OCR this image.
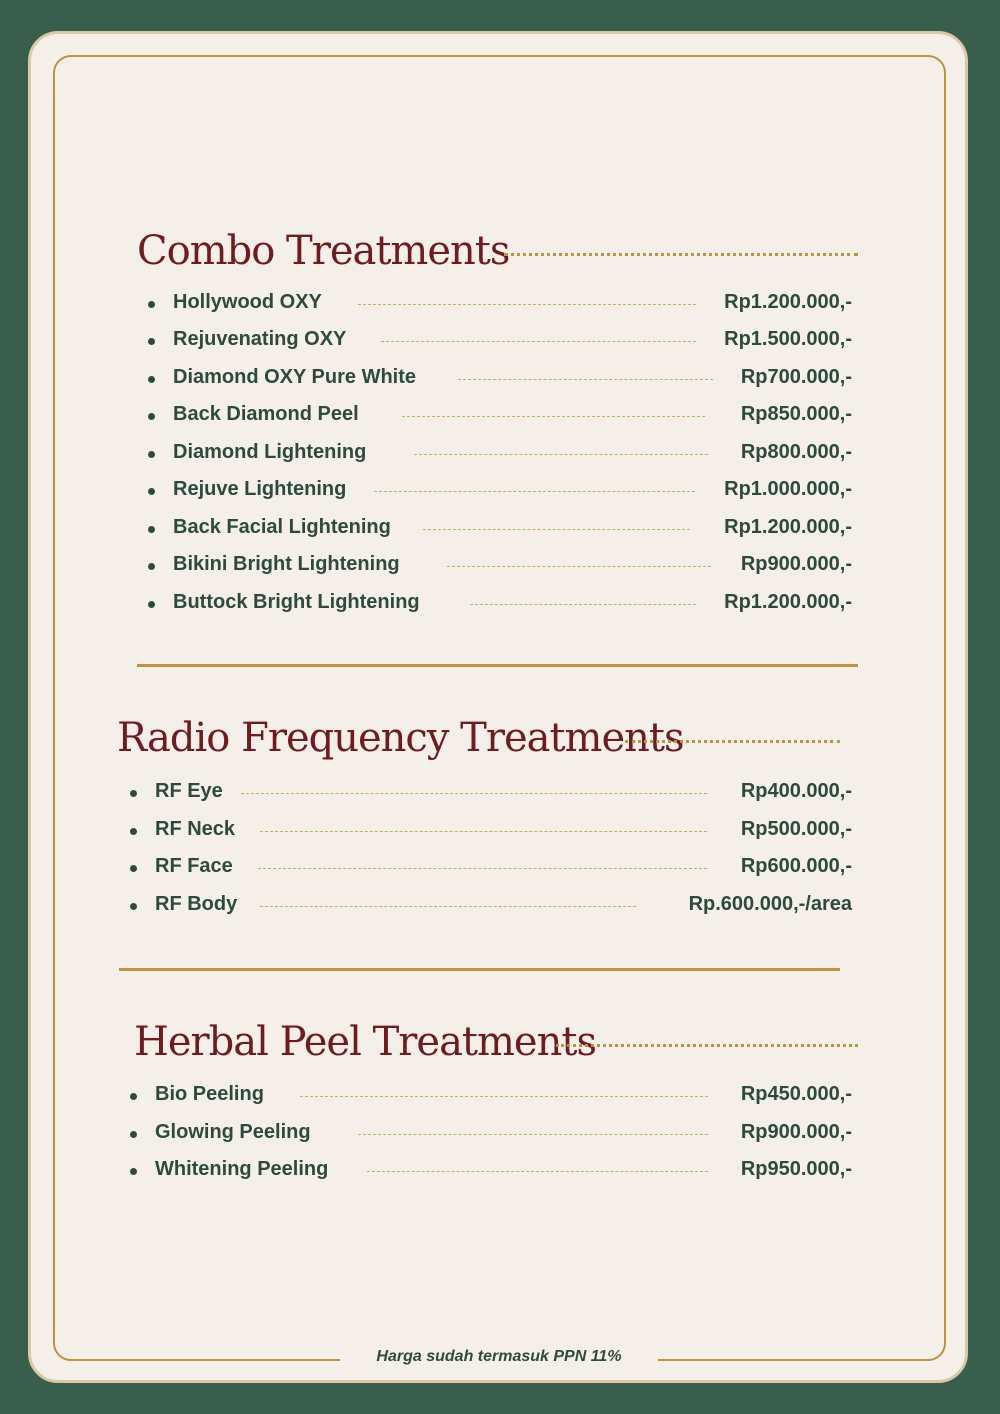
Combo Treatments
Hollywood OXY	Rp1.200.000,-
Rejuvenating OXY	Rp1.500.000,-
Diamond OXY Pure White	Rp700.000,-
Back Diamond Peel	Rp850.000,-
Diamond Lightening	Rp800.000,-
Rejuve Lightening	Rp1.000.000,-
Back Facial Lightening	Rp1.200.000,-
Bikini Bright Lightening	Rp900.000,-
Buttock Bright Lightening	Rp1.200.000,-
Radio Frequency Treatments
RF Eye	Rp400.000,-
RF Neck	Rp500.000,-
RF Face	Rp600.000,-
RF Body	Rp.600.000,-/area
Herbal Peel Treatments
Bio Peeling	Rp450.000,-
Glowing Peeling	Rp900.000,-
Whitening Peeling	Rp950.000,-
Harga sudah termasuk PPN 11%
